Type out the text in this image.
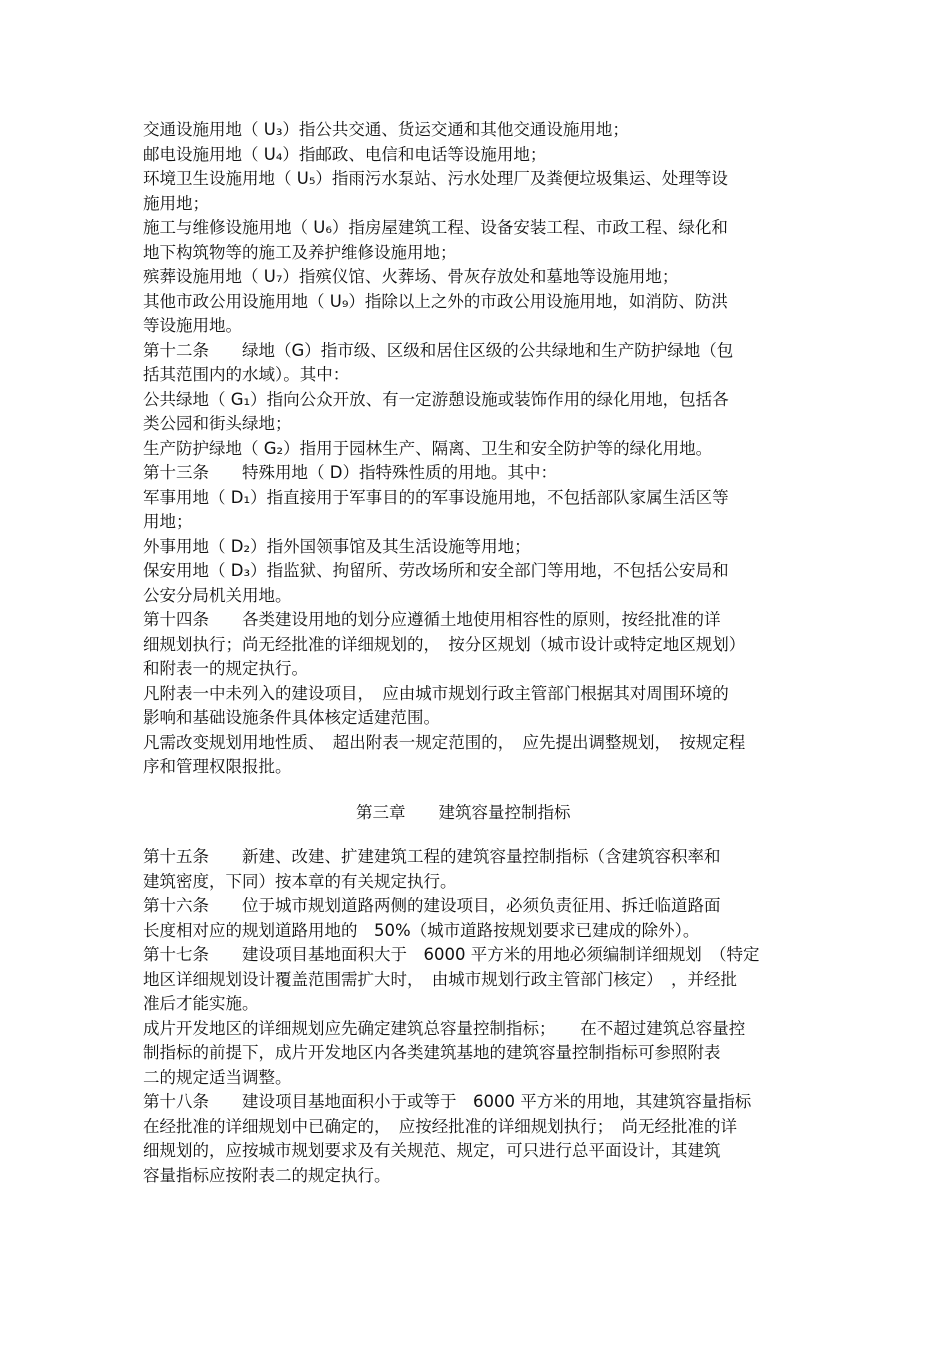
交通设施用地（ U₃）指公共交通、货运交通和其他交通设施用地；

邮电设施用地（ U₄）指邮政、电信和电话等设施用地；

环境卫生设施用地（ U₅）指雨污水泵站、污水处理厂及粪便垃圾集运、处理等设

施用地；

施工与维修设施用地（ U₆）指房屋建筑工程、设备安装工程、市政工程、绿化和

地下构筑物等的施工及养护维修设施用地；

殡葬设施用地（ U₇）指殡仪馆、火葬场、骨灰存放处和墓地等设施用地；

其他市政公用设施用地（ U₉）指除以上之外的市政公用设施用地，如消防、防洪

等设施用地。

第十二条　　绿地（G）指市级、区级和居住区级的公共绿地和生产防护绿地（包

括其范围内的水域）。其中：

公共绿地（ G₁）指向公众开放、有一定游憩设施或装饰作用的绿化用地，包括各

类公园和街头绿地；

生产防护绿地（ G₂）指用于园林生产、隔离、卫生和安全防护等的绿化用地。

第十三条　　特殊用地（ D）指特殊性质的用地。其中：

军事用地（ D₁）指直接用于军事目的的军事设施用地，不包括部队家属生活区等

用地；

外事用地（ D₂）指外国领事馆及其生活设施等用地；

保安用地（ D₃）指监狱、拘留所、劳改场所和安全部门等用地，不包括公安局和

公安分局机关用地。

第十四条　　各类建设用地的划分应遵循土地使用相容性的原则，按经批准的详

细规划执行；尚无经批准的详细规划的，　按分区规划（城市设计或特定地区规划）

和附表一的规定执行。

凡附表一中未列入的建设项目，　应由城市规划行政主管部门根据其对周围环境的

影响和基础设施条件具体核定适建范围。

凡需改变规划用地性质、　超出附表一规定范围的，　应先提出调整规划，　按规定程

序和管理权限报批。

第三章　　建筑容量控制指标

第十五条　　新建、改建、扩建建筑工程的建筑容量控制指标（含建筑容积率和

建筑密度，下同）按本章的有关规定执行。

第十六条　　位于城市规划道路两侧的建设项目，必须负责征用、拆迁临道路面

长度相对应的规划道路用地的　50%（城市道路按规划要求已建成的除外）。

第十七条　　建设项目基地面积大于　6000 平方米的用地必须编制详细规划　（特定

地区详细规划设计覆盖范围需扩大时，　由城市规划行政主管部门核定）　，并经批

准后才能实施。

成片开发地区的详细规划应先确定建筑总容量控制指标；　　在不超过建筑总容量控

制指标的前提下，成片开发地区内各类建筑基地的建筑容量控制指标可参照附表

二的规定适当调整。

第十八条　　建设项目基地面积小于或等于　6000 平方米的用地，其建筑容量指标

在经批准的详细规划中已确定的，　应按经批准的详细规划执行；　尚无经批准的详

细规划的，应按城市规划要求及有关规范、规定，可只进行总平面设计，其建筑

容量指标应按附表二的规定执行。
